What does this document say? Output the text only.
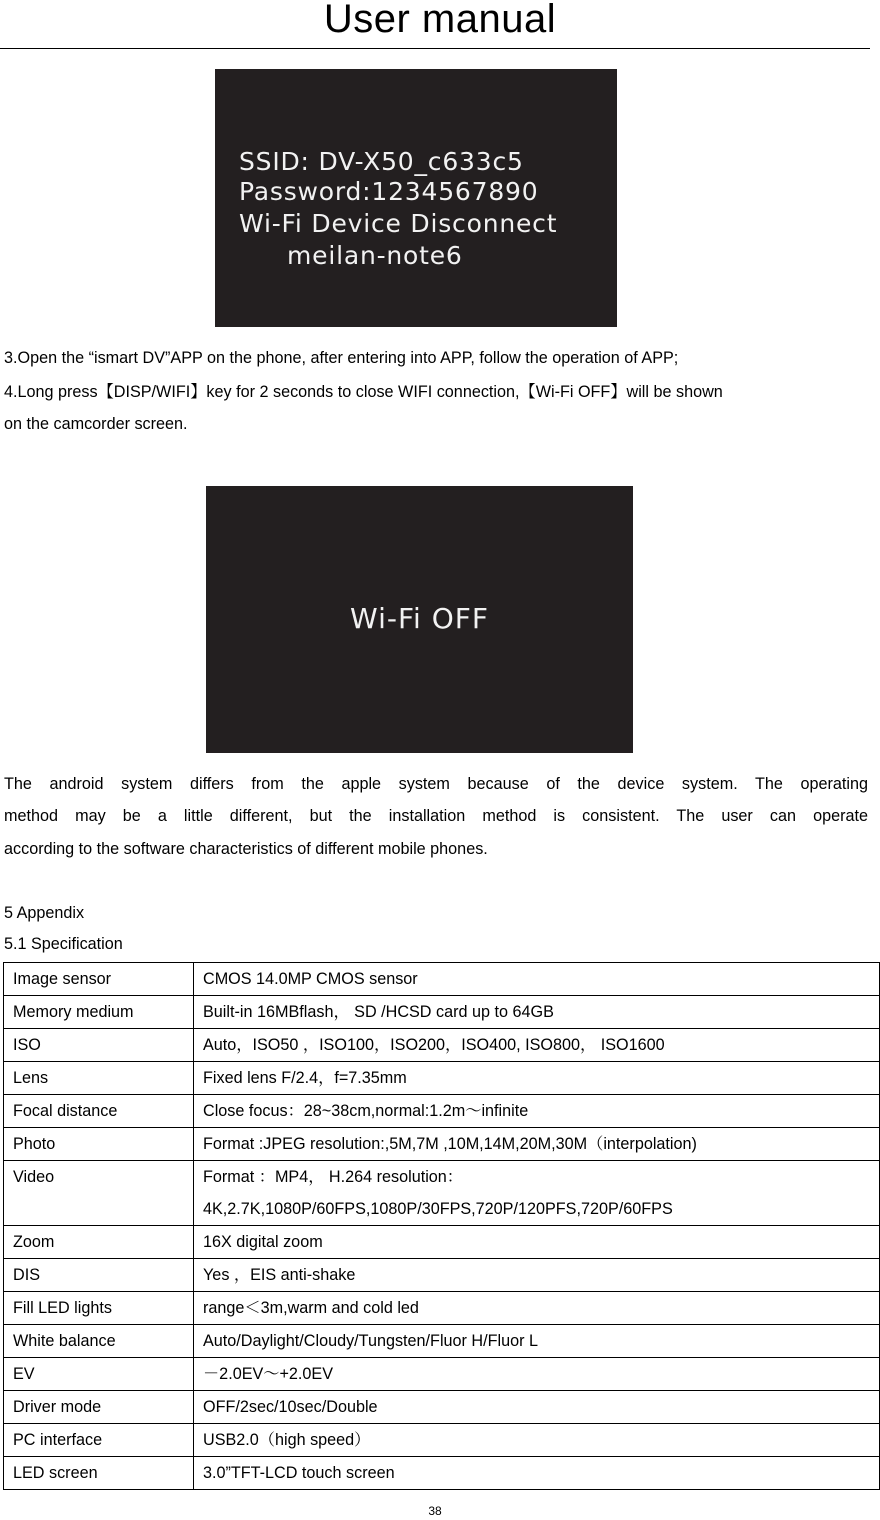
User manual
SSID: DV-X50_c633c5
Password:1234567890
Wi-Fi Device Disconnect
meilan-note6
3.Open the “ismart DV”APP on the phone, after entering into APP, follow the operation of APP;
4.Long press【DISP/WIFI】key for 2 seconds to close WIFI connection,【Wi-Fi OFF】will be shown
on the camcorder screen.
Wi-Fi OFF
The android system differs from the apple system because of the device system. The operating
method may be a little different, but the installation method is consistent. The user can operate
according to the software characteristics of different mobile phones.
5 Appendix
5.1 Specification
Image sensor	CMOS 14.0MP CMOS sensor
Memory medium	Built-in 16MBflash， SD /HCSD card up to 64GB
ISO	Auto，ISO50 ，ISO100，ISO200，ISO400, ISO800， ISO1600
Lens	Fixed lens F/2.4，f=7.35mm
Focal distance	Close focus：28~38cm,normal:1.2m～infinite
Photo	Format :JPEG resolution:,5M,7M ,10M,14M,20M,30M（interpolation)
Video	Format ：MP4， H.264 resolution：
4K,2.7K,1080P/60FPS,1080P/30FPS,720P/120PFS,720P/60FPS

Zoom	16X digital zoom
DIS	Yes ，EIS anti-shake
Fill LED lights	range＜3m,warm and cold led
White balance	Auto/Daylight/Cloudy/Tungsten/Fluor H/Fluor L
EV	－2.0EV～+2.0EV
Driver mode	OFF/2sec/10sec/Double
PC interface	USB2.0（high speed）
LED screen	3.0”TFT-LCD touch screen
38
